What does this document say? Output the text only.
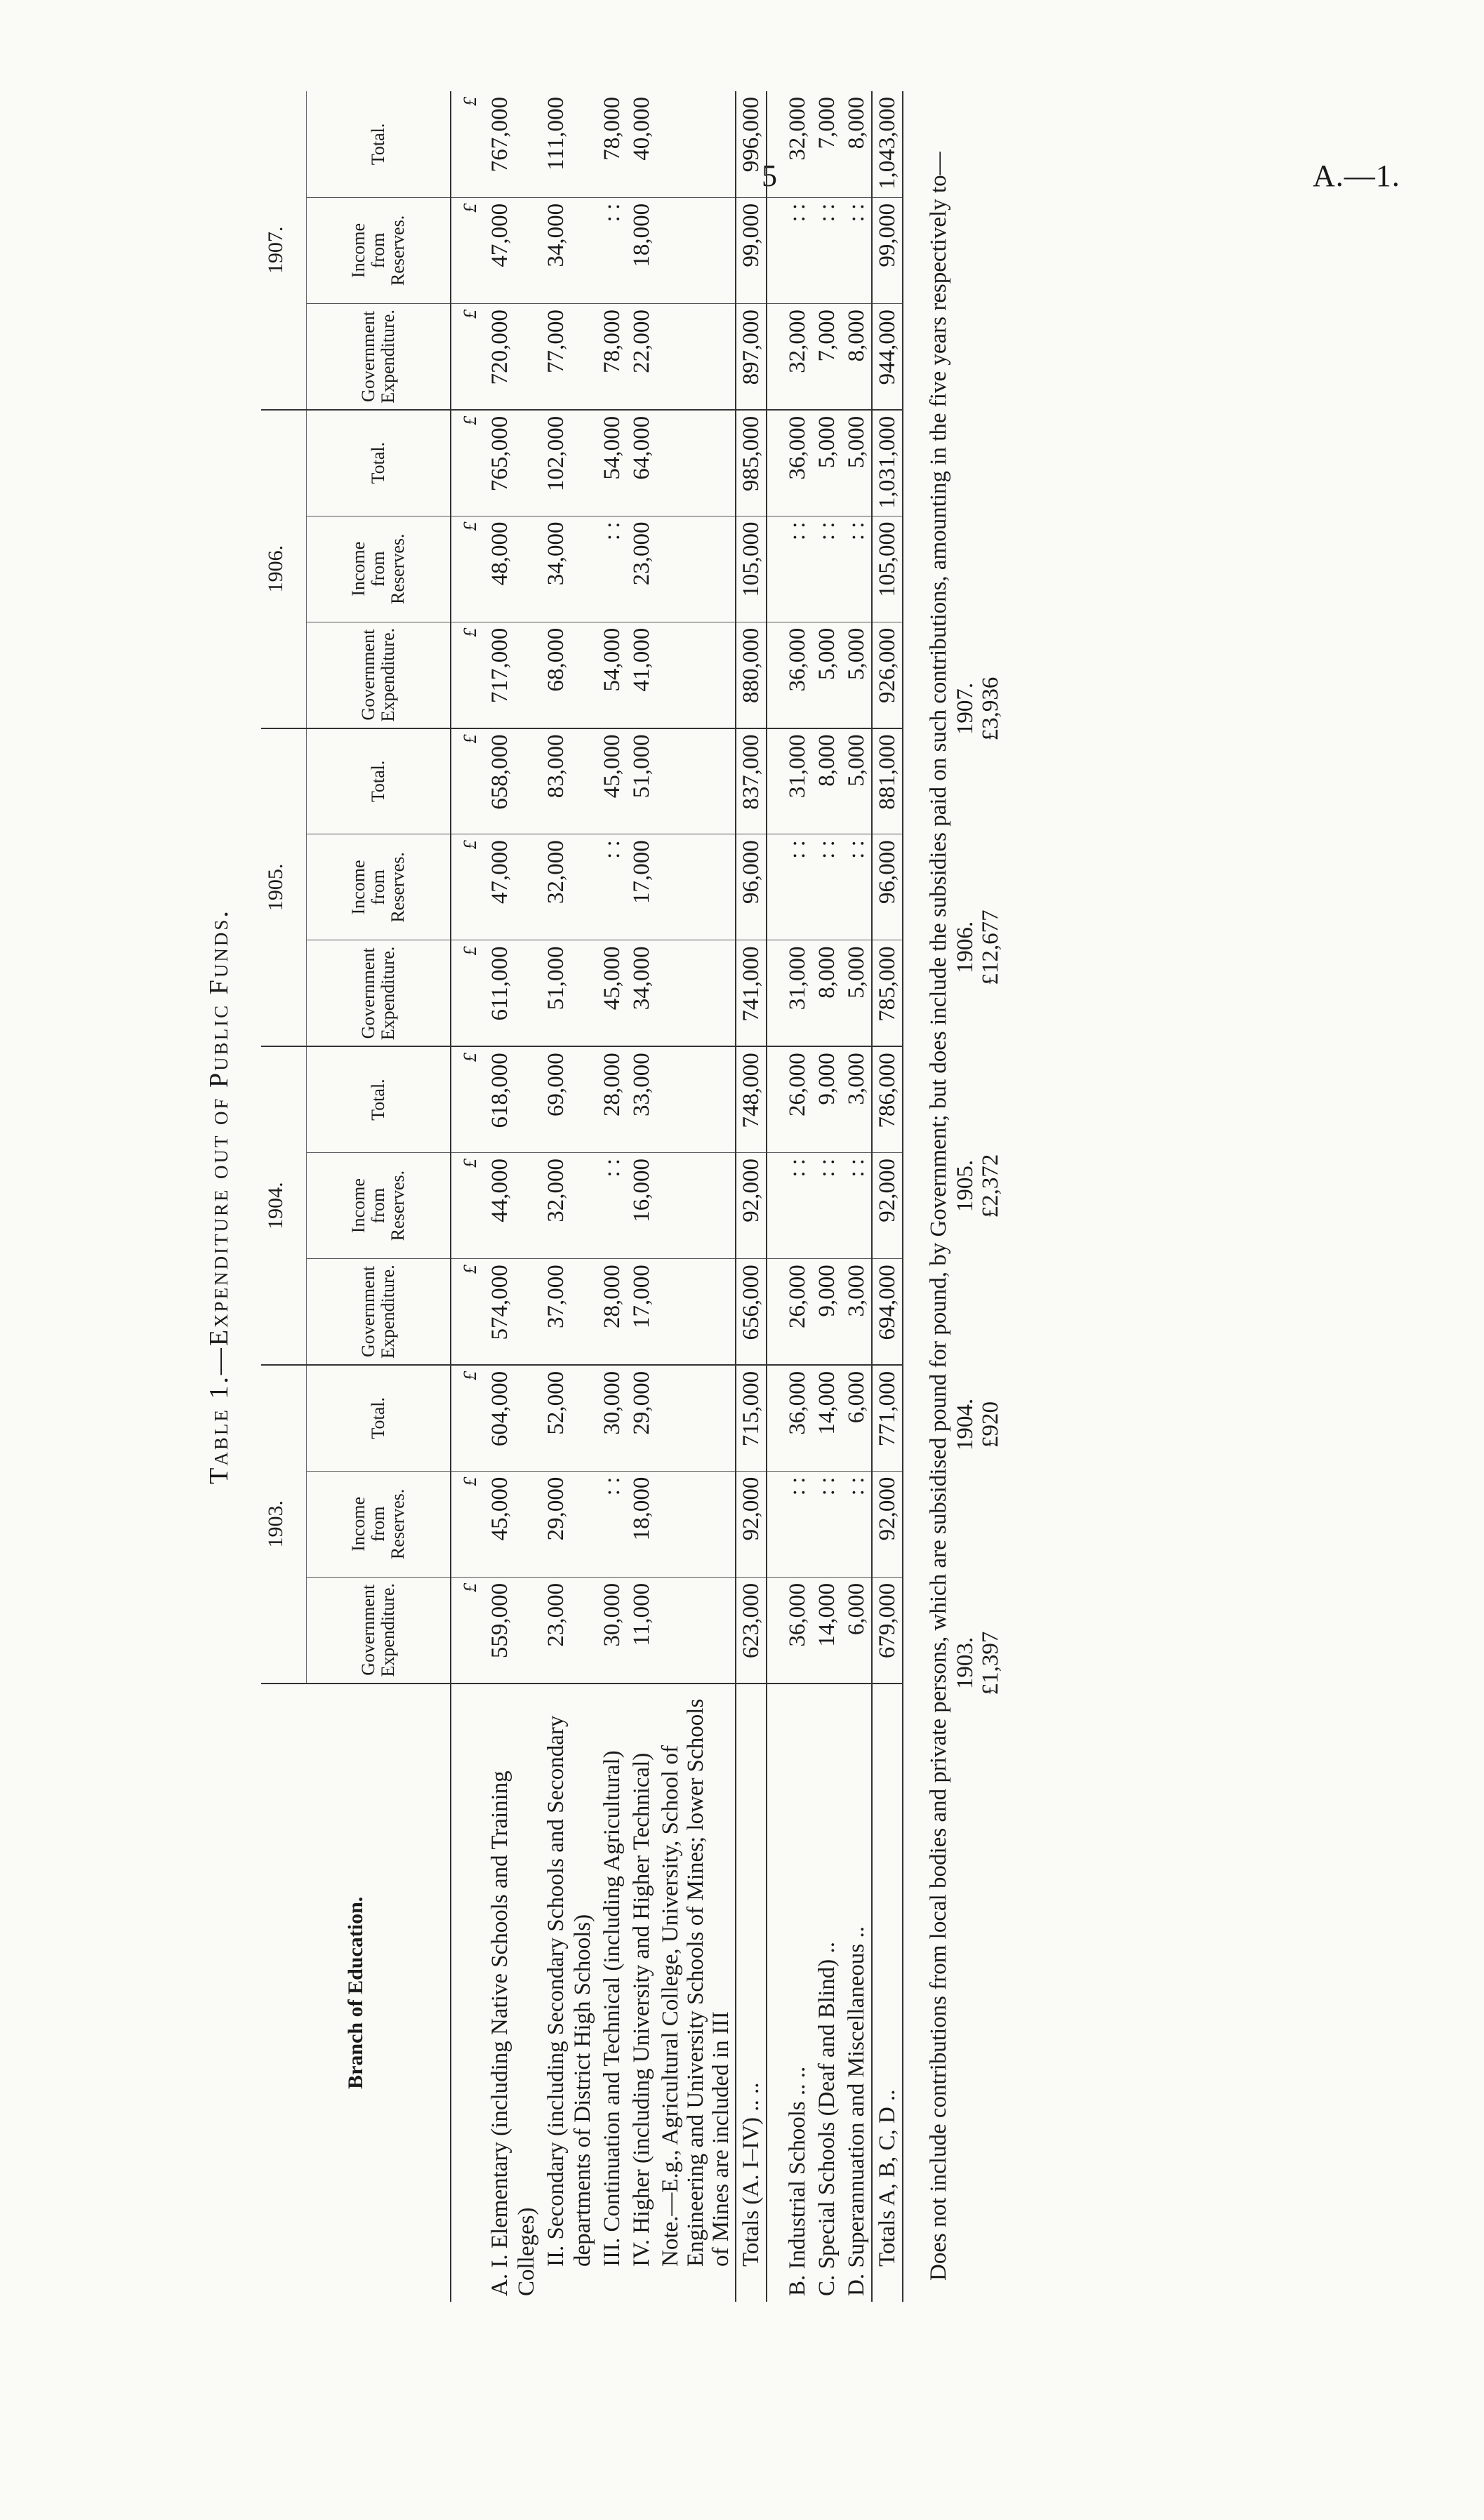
5	A.—1.
Table 1.—Expenditure out of Public Funds.
Branch of Education.	1903.			1904.			1905.			1906.			1907.		
	Government Expenditure.	Income from Reserves.	Total.	Government Expenditure.	Income from Reserves.	Total.	Government Expenditure.	Income from Reserves.	Total.	Government Expenditure.	Income from Reserves.	Total.	Government Expenditure.	Income from Reserves.	Total.
	£	£	£	£	£	£	£	£	£	£	£	£	£	£	£
A. I. Elementary (including Native Schools and Training Colleges)	559,000	45,000	604,000	574,000	44,000	618,000	611,000	47,000	658,000	717,000	48,000	765,000	720,000	47,000	767,000
II. Secondary (including Secondary Schools and Secondary departments of District High Schools)	23,000	29,000	52,000	37,000	32,000	69,000	51,000	32,000	83,000	68,000	34,000	102,000	77,000	34,000	111,000
III. Continuation and Technical (including Agricultural)	30,000	: :	30,000	28,000	: :	28,000	45,000	: :	45,000	54,000	: :	54,000	78,000	: :	78,000
IV. Higher (including University and Higher Technical)	11,000	18,000	29,000	17,000	16,000	33,000	34,000	17,000	51,000	41,000	23,000	64,000	22,000	18,000	40,000
Note.—E.g., Agricultural College, University, School of Engineering and University Schools of Mines; lower Schools of Mines are included in III															
Totals (A. I–IV) .. ..	623,000	92,000	715,000	656,000	92,000	748,000	741,000	96,000	837,000	880,000	105,000	985,000	897,000	99,000	996,000

B. Industrial Schools .. ..	36,000	: :	36,000	26,000	: :	26,000	31,000	: :	31,000	36,000	: :	36,000	32,000	: :	32,000
C. Special Schools (Deaf and Blind) ..	14,000	: :	14,000	9,000	: :	9,000	8,000	: :	8,000	5,000	: :	5,000	7,000	: :	7,000
D. Superannuation and Miscellaneous ..	6,000	: :	6,000	3,000	: :	3,000	5,000	: :	5,000	5,000	: :	5,000	8,000	: :	8,000
Totals A, B, C, D ..	679,000	92,000	771,000	694,000	92,000	786,000	785,000	96,000	881,000	926,000	105,000	1,031,000	944,000	99,000	1,043,000
Does not include contributions from local bodies and private persons, which are subsidised pound for pound, by Government; but does include the subsidies paid on such contributions, amounting in the five years respectively to— 1903. £1,397
1904. £920
1905. £2,372
1906. £12,677
1907. £3,936
